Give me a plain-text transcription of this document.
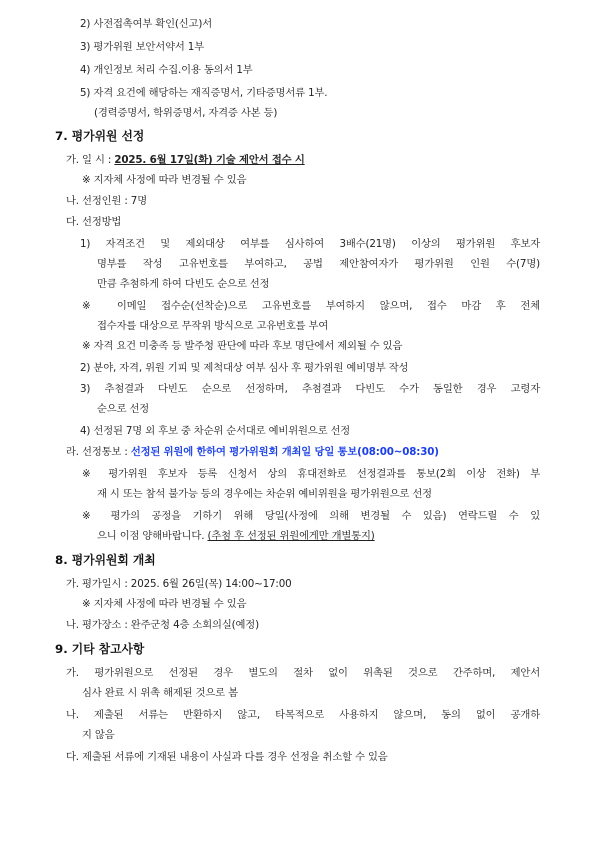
2) 사전접촉여부 확인(신고)서
3) 평가위원 보안서약서 1부
4) 개인정보 처리 수집.이용 동의서 1부
5) 자격 요건에 해당하는 재직증명서, 기타증명서류 1부.
(경력증명서, 학위증명서, 자격증 사본 등)
7. 평가위원 선정
가. 일 시 : 2025. 6월 17일(화) 기술 제안서 접수 시
※ 지자체 사정에 따라 변경될 수 있음
나. 선정인원 : 7명
다. 선정방법
1) 자격조건 및 제외대상 여부를 심사하여 3배수(21명) 이상의 평가위원 후보자
명부를 작성 고유번호를 부여하고, 공법 제안참여자가 평가위원 인원 수(7명)
만큼 추첨하게 하여 다빈도 순으로 선정
※ 이메일 접수순(선착순)으로 고유번호를 부여하지 않으며, 접수 마감 후 전체
접수자를 대상으로 무작위 방식으로 고유번호를 부여
※ 자격 요건 미충족 등 발주청 판단에 따라 후보 명단에서 제외될 수 있음
2) 분야, 자격, 위원 기피 및 제척대상 여부 심사 후 평가위원 예비명부 작성
3) 추첨결과 다빈도 순으로 선정하며, 추첨결과 다빈도 수가 동일한 경우 고령자
순으로 선정
4) 선정된 7명 외 후보 중 차순위 순서대로 예비위원으로 선정
라. 선정통보 : 선정된 위원에 한하여 평가위원회 개최일 당일 통보(08:00~08:30)
※ 평가위원 후보자 등록 신청서 상의 휴대전화로 선정결과를 통보(2회 이상 전화) 부
재 시 또는 참석 불가능 등의 경우에는 차순위 예비위원을 평가위원으로 선정
※ 평가의 공정을 기하기 위해 당일(사정에 의해 변경될 수 있음) 연락드릴 수 있
으니 이점 양해바랍니다. (추첨 후 선정된 위원에게만 개별통지)
8. 평가위원회 개최
가. 평가일시 : 2025. 6월 26일(목) 14:00~17:00
※ 지자체 사정에 따라 변경될 수 있음
나. 평가장소 : 완주군청 4층 소회의실(예정)
9. 기타 참고사항
가. 평가위원으로 선정된 경우 별도의 절차 없이 위촉된 것으로 간주하며, 제안서
심사 완료 시 위촉 해제된 것으로 봄
나. 제출된 서류는 반환하지 않고, 타목적으로 사용하지 않으며, 동의 없이 공개하
지 않음
다. 제출된 서류에 기재된 내용이 사실과 다를 경우 선정을 취소할 수 있음
